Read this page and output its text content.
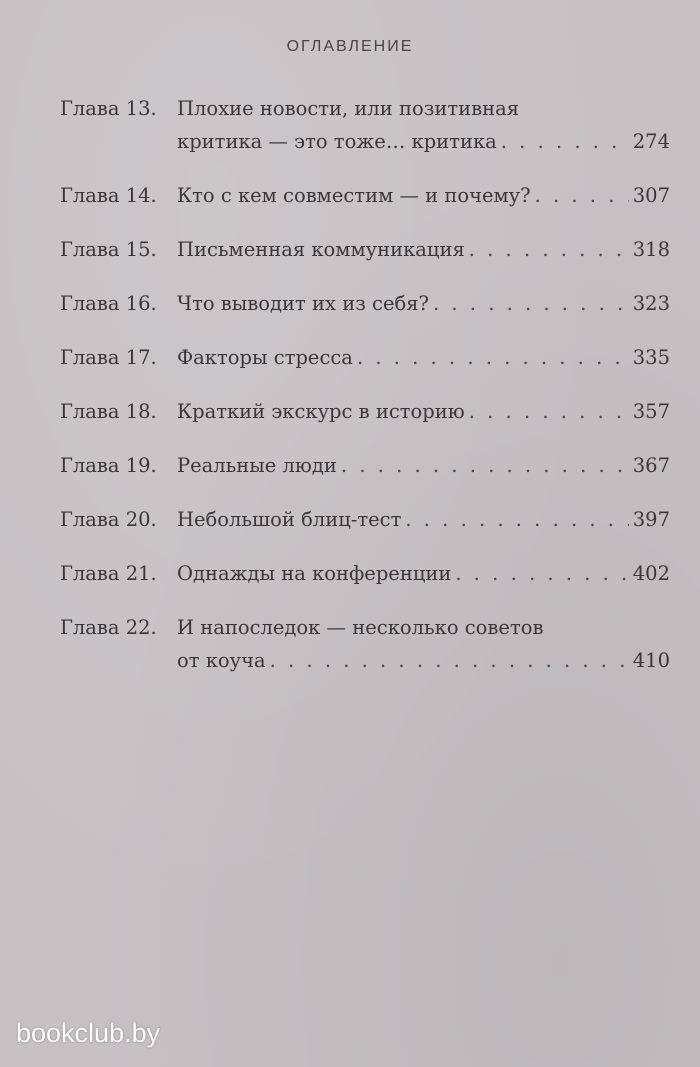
ОГЛАВЛЕНИЕ
Глава 13.	Плохие новости, или позитивная
критика — это тоже… критика . . .	274
Глава 14.	Кто с кем совместим — и почему? . . .	307
Глава 15.	Письменная коммуникация . . .	318
Глава 16.	Что выводит их из себя? . . .	323
Глава 17.	Факторы стресса . . .	335
Глава 18.	Краткий экскурс в историю . . .	357
Глава 19.	Реальные люди . . .	367
Глава 20.	Небольшой блиц-тест . . .	397
Глава 21.	Однажды на конференции . . .	402
Глава 22.	И напоследок — несколько советов
от коуча . . .	410
bookclub.by
